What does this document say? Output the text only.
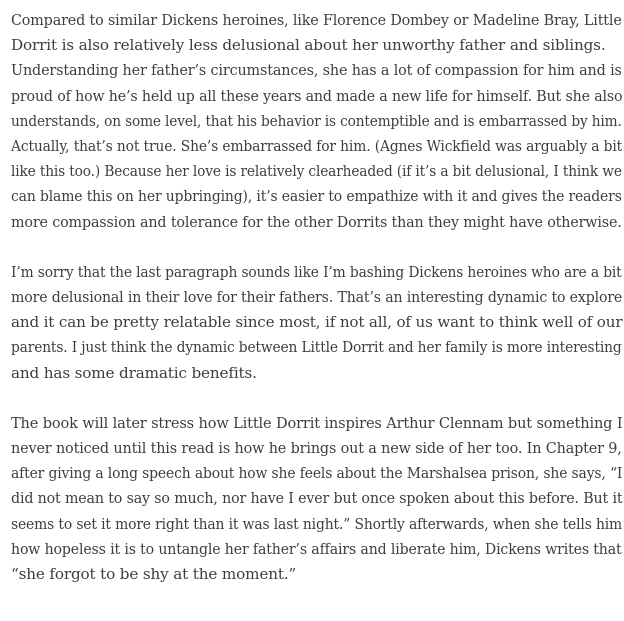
Compared to similar Dickens heroines, like Florence Dombey or Madeline Bray, Little

Dorrit is also relatively less delusional about her unworthy father and siblings.
Understanding her father’s circumstances, she has a lot of compassion for him and is
proud of how he’s held up all these years and made a new life for himself. But she also
understands, on some level, that his behavior is contemptible and is embarrassed by him.
Actually, that’s not true. She’s embarrassed for him. (Agnes Wickfield was arguably a bit
like this too.) Because her love is relatively clearheaded (if it’s a bit delusional, I think we
can blame this on her upbringing), it’s easier to empathize with it and gives the readers
more compassion and tolerance for the other Dorrits than they might have otherwise.

I’m sorry that the last paragraph sounds like I’m bashing Dickens heroines who are a bit
more delusional in their love for their fathers. That’s an interesting dynamic to explore
and it can be pretty relatable since most, if not all, of us want to think well of our
parents. I just think the dynamic between Little Dorrit and her family is more interesting

and has some dramatic benefits.

The book will later stress how Little Dorrit inspires Arthur Clennam but something I
never noticed until this read is how he brings out a new side of her too. In Chapter 9,
after giving a long speech about how she feels about the Marshalsea prison, she says, “I
did not mean to say so much, nor have I ever but once spoken about this before. But it
seems to set it more right than it was last night.” Shortly afterwards, when she tells him
how hopeless it is to untangle her father’s affairs and liberate him, Dickens writes that

“she forgot to be shy at the moment.”
